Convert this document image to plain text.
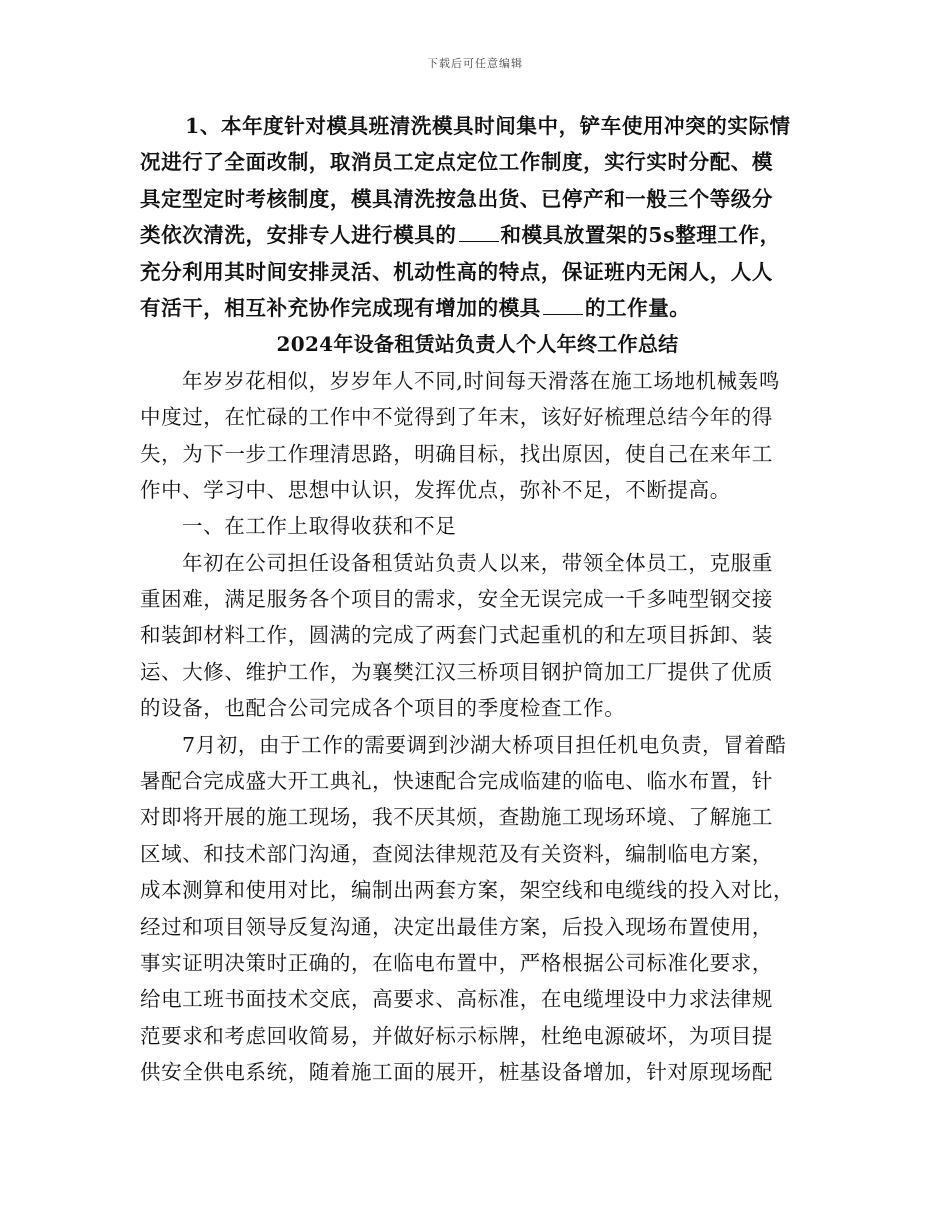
下载后可任意编辑
1、本年度针对模具班清洗模具时间集中，铲车使用冲突的实际情
况进行了全面改制，取消员工定点定位工作制度，实行实时分配、模
具定型定时考核制度，模具清洗按急出货、已停产和一般三个等级分
类依次清洗，安排专人进行模具的 和模具放置架的5s整理工作，
充分利用其时间安排灵活、机动性高的特点，保证班内无闲人，人人
有活干，相互补充协作完成现有增加的模具 的工作量。
2024年设备租赁站负责人个人年终工作总结
年岁岁花相似，岁岁年人不同,时间每天滑落在施工场地机械轰鸣
中度过，在忙碌的工作中不觉得到了年末，该好好梳理总结今年的得
失，为下一步工作理清思路，明确目标，找出原因，使自己在来年工
作中、学习中、思想中认识，发挥优点，弥补不足，不断提高。
一、在工作上取得收获和不足
年初在公司担任设备租赁站负责人以来，带领全体员工，克服重
重困难，满足服务各个项目的需求，安全无误完成一千多吨型钢交接
和装卸材料工作，圆满的完成了两套门式起重机的和左项目拆卸、装
运、大修、维护工作，为襄樊江汉三桥项目钢护筒加工厂提供了优质
的设备，也配合公司完成各个项目的季度检查工作。
7月初，由于工作的需要调到沙湖大桥项目担任机电负责，冒着酷
暑配合完成盛大开工典礼，快速配合完成临建的临电、临水布置，针
对即将开展的施工现场，我不厌其烦，查勘施工现场环境、了解施工
区域、和技术部门沟通，查阅法律规范及有关资料，编制临电方案，
成本测算和使用对比，编制出两套方案，架空线和电缆线的投入对比，
经过和项目领导反复沟通，决定出最佳方案，后投入现场布置使用，
事实证明决策时正确的，在临电布置中，严格根据公司标准化要求，
给电工班书面技术交底，高要求、高标准，在电缆埋设中力求法律规
范要求和考虑回收简易，并做好标示标牌，杜绝电源破坏，为项目提
供安全供电系统，随着施工面的展开，桩基设备增加，针对原现场配
